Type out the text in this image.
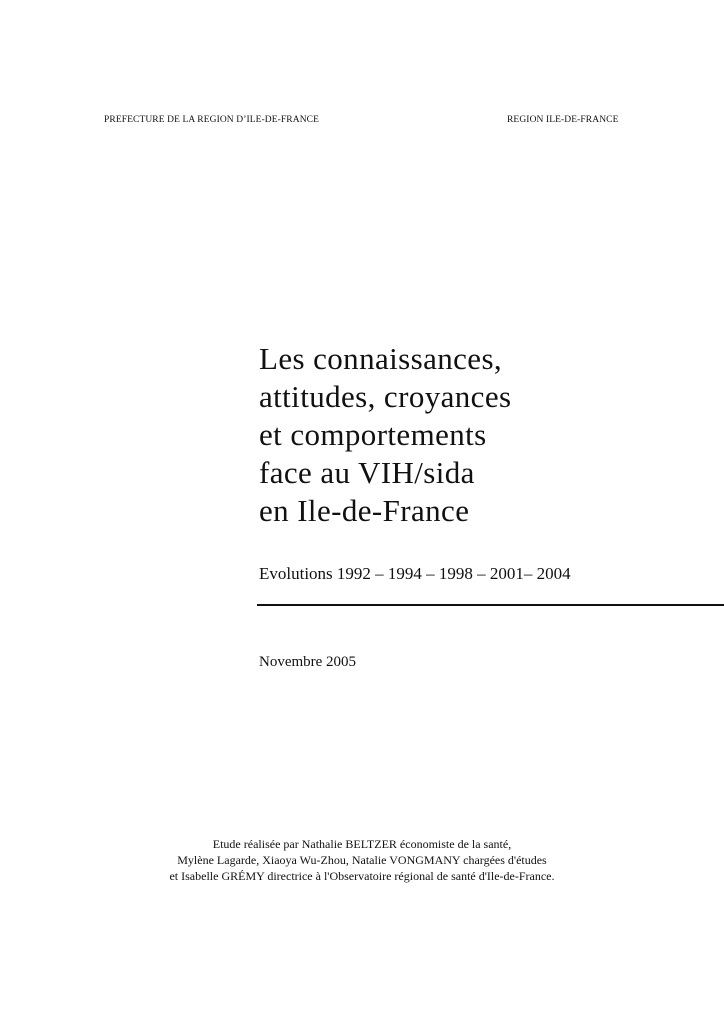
PREFECTURE DE LA REGION D’ILE-DE-FRANCE	REGION ILE-DE-FRANCE
Les connaissances,
attitudes, croyances
et comportements
face au VIH/sida
en Ile-de-France
Evolutions 1992 – 1994 – 1998 – 2001– 2004
Novembre 2005
Etude réalisée par Nathalie BELTZER économiste de la santé,
Mylène Lagarde, Xiaoya Wu-Zhou, Natalie VONGMANY chargées d'études
et Isabelle GRÉMY directrice à l'Observatoire régional de santé d'Ile-de-France.
